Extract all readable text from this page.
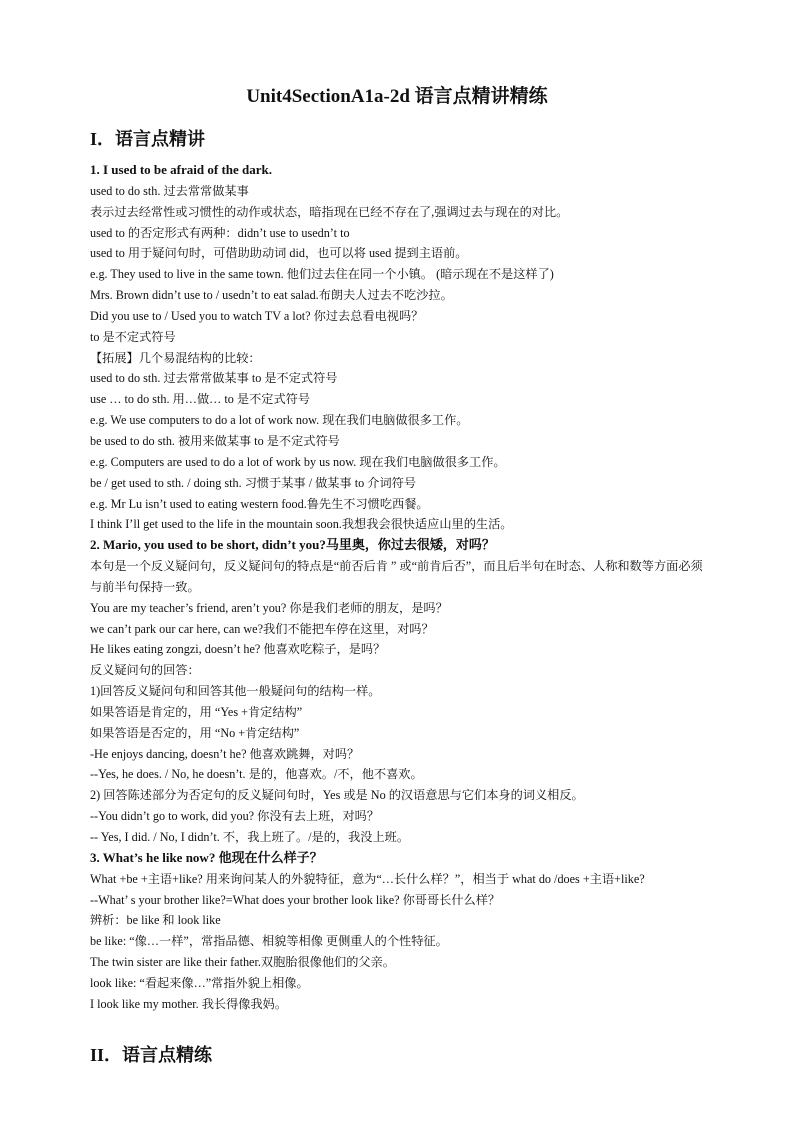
Unit4SectionA1a-2d 语言点精讲精练
I．语言点精讲

1. I used to be afraid of the dark.

used to do sth. 过去常常做某事

表示过去经常性或习惯性的动作或状态，暗指现在已经不存在了,强调过去与现在的对比。

used to 的否定形式有两种：didn’t use to usedn’t to

used to 用于疑问句时，可借助助动词 did，也可以将 used 提到主语前。

e.g. They used to live in the same town. 他们过去住在同一个小镇。 (暗示现在不是这样了)

Mrs. Brown didn’t use to / usedn’t to eat salad.布朗夫人过去不吃沙拉。

Did you use to / Used you to watch TV a lot? 你过去总看电视吗？

to 是不定式符号

【拓展】几个易混结构的比较：

used to do sth. 过去常常做某事 to 是不定式符号

use … to do sth. 用…做… to 是不定式符号

e.g. We use computers to do a lot of work now. 现在我们电脑做很多工作。

be used to do sth. 被用来做某事 to 是不定式符号

e.g. Computers are used to do a lot of work by us now. 现在我们电脑做很多工作。

be / get used to sth. / doing sth. 习惯于某事 / 做某事 to 介词符号

e.g. Mr Lu isn’t used to eating western food.鲁先生不习惯吃西餐。

I think I’ll get used to the life in the mountain soon.我想我会很快适应山里的生活。

2. Mario, you used to be short, didn’t you?马里奥，你过去很矮，对吗？

本句是一个反义疑问句，反义疑问句的特点是“前否后肯 ” 或“前肯后否”，而且后半句在时态、人称和数等方面必须 与前半句保持一致。

You are my teacher’s friend, aren’t you? 你是我们老师的朋友，是吗？

we can’t park our car here, can we?我们不能把车停在这里，对吗？

He likes eating zongzi, doesn’t he? 他喜欢吃粽子，是吗？

反义疑问句的回答：

1)回答反义疑问句和回答其他一般疑问句的结构一样。

如果答语是肯定的，用 “Yes +肯定结构”

如果答语是否定的，用 “No +肯定结构”

-He enjoys dancing, doesn’t he? 他喜欢跳舞，对吗？

--Yes, he does. / No, he doesn’t. 是的，他喜欢。/不，他不喜欢。

2) 回答陈述部分为否定句的反义疑问句时，Yes 或是 No 的汉语意思与它们本身的词义相反。

--You didn’t go to work, did you? 你没有去上班，对吗？

-- Yes, I did. / No, I didn’t. 不，我上班了。/是的，我没上班。

3. What’s he like now? 他现在什么样子？

What +be +主语+like? 用来询问某人的外貌特征，意为“…长什么样？”，相当于 what do /does +主语+like?

--What’ s your brother like?=What does your brother look like? 你哥哥长什么样？

辨析：be like 和 look like

be like: “像…一样”，常指品德、相貌等相像 更侧重人的个性特征。

The twin sister are like their father.双胞胎很像他们的父亲。

look like: “看起来像…”常指外貌上相像。

I look like my mother. 我长得像我妈。

II．语言点精练
